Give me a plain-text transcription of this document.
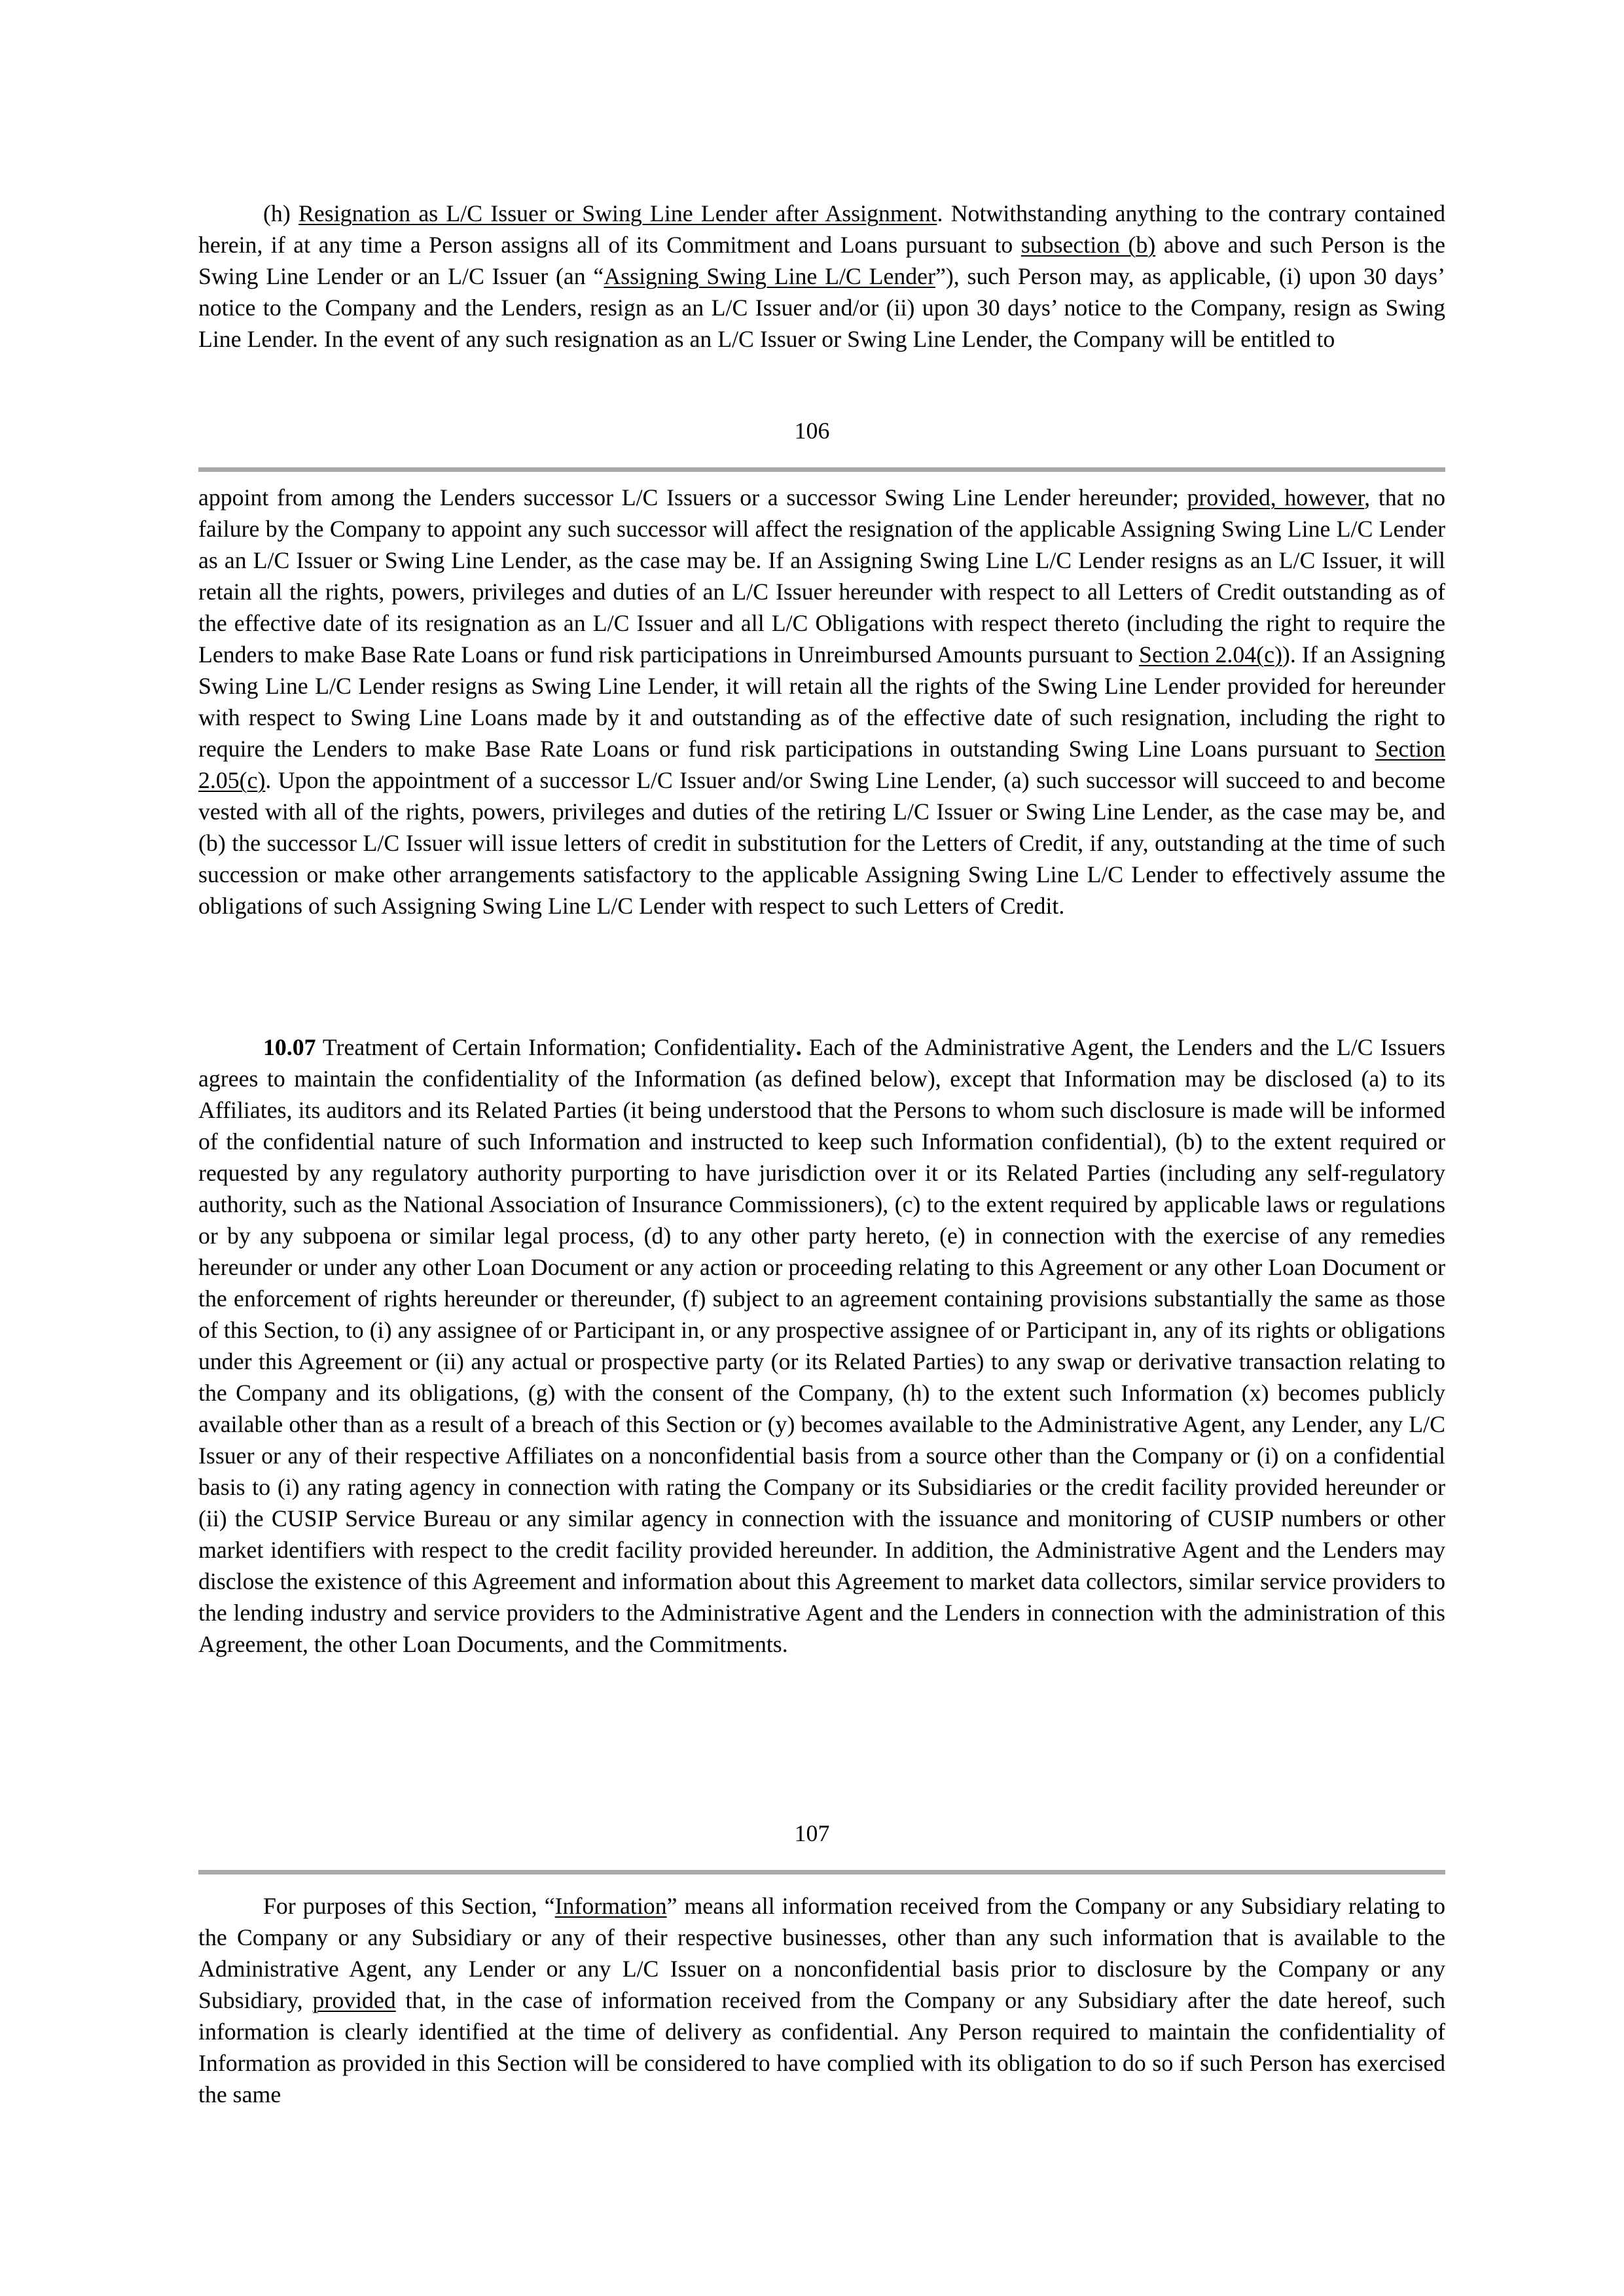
(h) Resignation as L/C Issuer or Swing Line Lender after Assignment. Notwithstanding anything to the contrary contained herein, if at any time a Person assigns all of its Commitment and Loans pursuant to subsection (b) above and such Person is the Swing Line Lender or an L/C Issuer (an “Assigning Swing Line L/C Lender”), such Person may, as applicable, (i) upon 30 days’ notice to the Company and the Lenders, resign as an L/C Issuer and/or (ii) upon 30 days’ notice to the Company, resign as Swing Line Lender. In the event of any such resignation as an L/C Issuer or Swing Line Lender, the Company will be entitled to

106

appoint from among the Lenders successor L/C Issuers or a successor Swing Line Lender hereunder; provided, however, that no failure by the Company to appoint any such successor will affect the resignation of the applicable Assigning Swing Line L/C Lender as an L/C Issuer or Swing Line Lender, as the case may be. If an Assigning Swing Line L/C Lender resigns as an L/C Issuer, it will retain all the rights, powers, privileges and duties of an L/C Issuer hereunder with respect to all Letters of Credit outstanding as of the effective date of its resignation as an L/C Issuer and all L/C Obligations with respect thereto (including the right to require the Lenders to make Base Rate Loans or fund risk participations in Unreimbursed Amounts pursuant to Section 2.04(c)). If an Assigning Swing Line L/C Lender resigns as Swing Line Lender, it will retain all the rights of the Swing Line Lender provided for hereunder with respect to Swing Line Loans made by it and outstanding as of the effective date of such resignation, including the right to require the Lenders to make Base Rate Loans or fund risk participations in outstanding Swing Line Loans pursuant to Section 2.05(c). Upon the appointment of a successor L/C Issuer and/or Swing Line Lender, (a) such successor will succeed to and become vested with all of the rights, powers, privileges and duties of the retiring L/C Issuer or Swing Line Lender, as the case may be, and (b) the successor L/C Issuer will issue letters of credit in substitution for the Letters of Credit, if any, outstanding at the time of such succession or make other arrangements satisfactory to the applicable Assigning Swing Line L/C Lender to effectively assume the obligations of such Assigning Swing Line L/C Lender with respect to such Letters of Credit.

10.07 Treatment of Certain Information; Confidentiality. Each of the Administrative Agent, the Lenders and the L/C Issuers agrees to maintain the confidentiality of the Information (as defined below), except that Information may be disclosed (a) to its Affiliates, its auditors and its Related Parties (it being understood that the Persons to whom such disclosure is made will be informed of the confidential nature of such Information and instructed to keep such Information confidential), (b) to the extent required or requested by any regulatory authority purporting to have jurisdiction over it or its Related Parties (including any self-regulatory authority, such as the National Association of Insurance Commissioners), (c) to the extent required by applicable laws or regulations or by any subpoena or similar legal process, (d) to any other party hereto, (e) in connection with the exercise of any remedies hereunder or under any other Loan Document or any action or proceeding relating to this Agreement or any other Loan Document or the enforcement of rights hereunder or thereunder, (f) subject to an agreement containing provisions substantially the same as those of this Section, to (i) any assignee of or Participant in, or any prospective assignee of or Participant in, any of its rights or obligations under this Agreement or (ii) any actual or prospective party (or its Related Parties) to any swap or derivative transaction relating to the Company and its obligations, (g) with the consent of the Company, (h) to the extent such Information (x) becomes publicly available other than as a result of a breach of this Section or (y) becomes available to the Administrative Agent, any Lender, any L/C Issuer or any of their respective Affiliates on a nonconfidential basis from a source other than the Company or (i) on a confidential basis to (i) any rating agency in connection with rating the Company or its Subsidiaries or the credit facility provided hereunder or (ii) the CUSIP Service Bureau or any similar agency in connection with the issuance and monitoring of CUSIP numbers or other market identifiers with respect to the credit facility provided hereunder. In addition, the Administrative Agent and the Lenders may disclose the existence of this Agreement and information about this Agreement to market data collectors, similar service providers to the lending industry and service providers to the Administrative Agent and the Lenders in connection with the administration of this Agreement, the other Loan Documents, and the Commitments.

107

For purposes of this Section, “Information” means all information received from the Company or any Subsidiary relating to the Company or any Subsidiary or any of their respective businesses, other than any such information that is available to the Administrative Agent, any Lender or any L/C Issuer on a nonconfidential basis prior to disclosure by the Company or any Subsidiary, provided that, in the case of information received from the Company or any Subsidiary after the date hereof, such information is clearly identified at the time of delivery as confidential. Any Person required to maintain the confidentiality of Information as provided in this Section will be considered to have complied with its obligation to do so if such Person has exercised the same
